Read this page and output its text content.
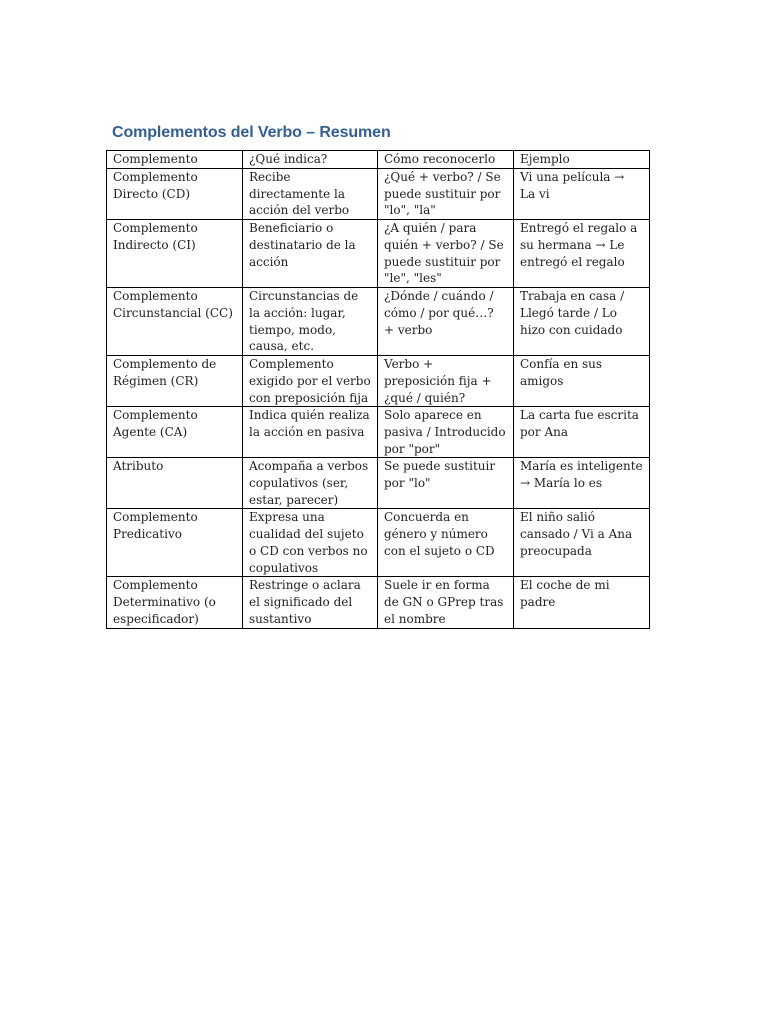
Complementos del Verbo – Resumen
Complemento	¿Qué indica?	Cómo reconocerlo	Ejemplo
Complemento Directo (CD)	Recibe directamente la acción del verbo	¿Qué + verbo? / Se puede sustituir por "lo", "la"	Vi una película → La vi
Complemento Indirecto (CI)	Beneficiario o destinatario de la acción	¿A quién / para quién + verbo? / Se puede sustituir por "le", "les"	Entregó el regalo a su hermana → Le entregó el regalo
Complemento Circunstancial (CC)	Circunstancias de la acción: lugar, tiempo, modo, causa, etc.	¿Dónde / cuándo / cómo / por qué…? + verbo	Trabaja en casa / Llegó tarde / Lo hizo con cuidado
Complemento de Régimen (CR)	Complemento exigido por el verbo con preposición fija	Verbo + preposición fija + ¿qué / quién?	Confía en sus amigos
Complemento Agente (CA)	Indica quién realiza la acción en pasiva	Solo aparece en pasiva / Introducido por "por"	La carta fue escrita por Ana
Atributo	Acompaña a verbos copulativos (ser, estar, parecer)	Se puede sustituir por "lo"	María es inteligente → María lo es
Complemento Predicativo	Expresa una cualidad del sujeto o CD con verbos no copulativos	Concuerda en género y número con el sujeto o CD	El niño salió cansado / Vi a Ana preocupada
Complemento Determinativo (o especificador)	Restringe o aclara el significado del sustantivo	Suele ir en forma de GN o GPrep tras el nombre	El coche de mi padre
